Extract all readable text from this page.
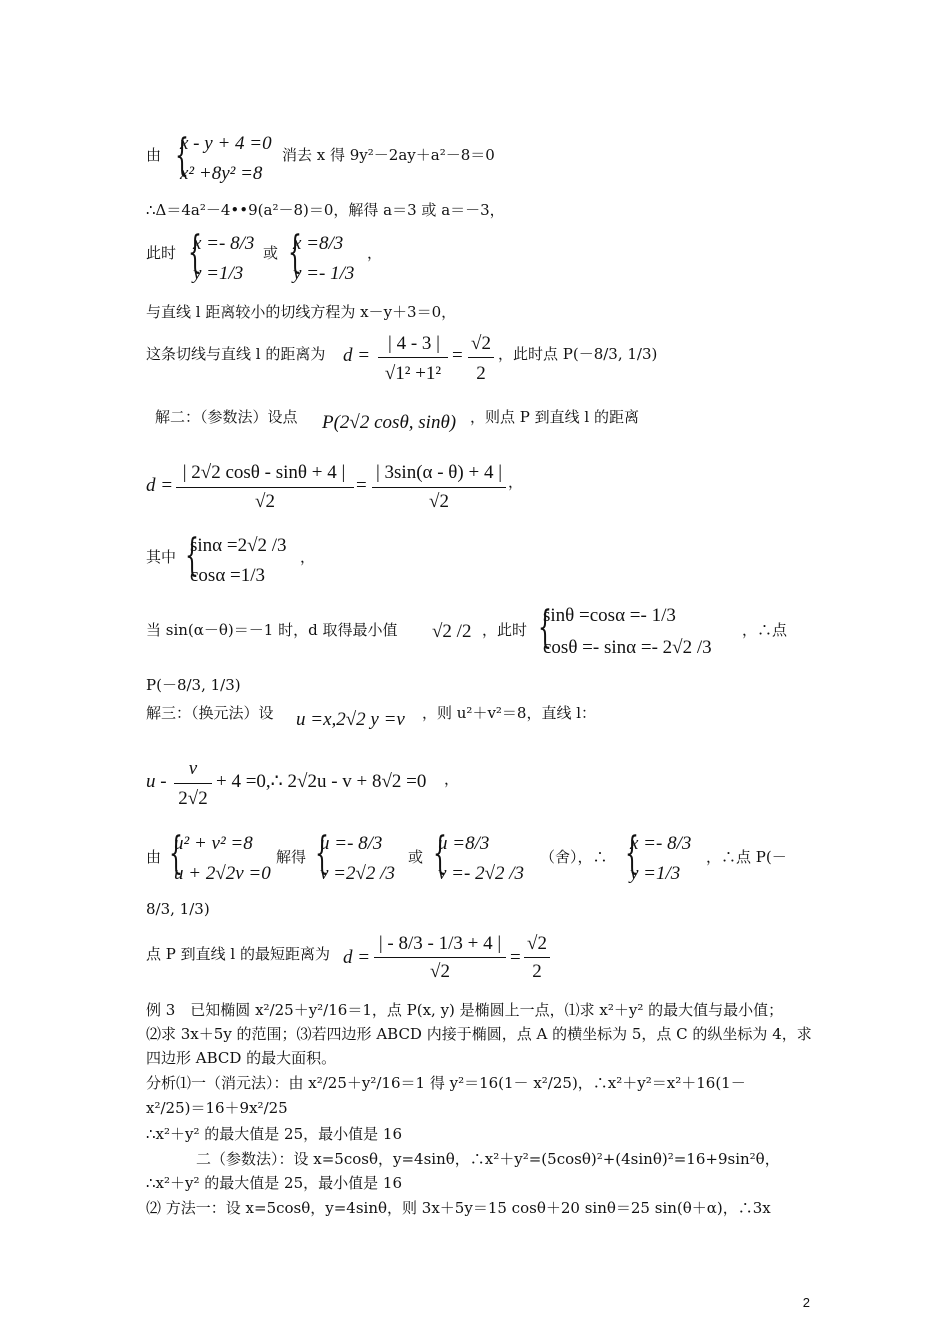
由 {
x - y + 4 =0
x² +8y² =8
消去 x 得 9y²－2ay＋a²－8＝0
∴Δ＝4a²－4••9(a²－8)＝0，解得 a＝3 或 a＝－3，
此时 {
x =- 8/3
y =1/3
或 {
x =8/3
y =- 1/3
，
与直线 l 距离较小的切线方程为 x－y＋3＝0，
这条切线与直线 l 的距离为 d =
| 4 - 3 |
√1² +1²
=
√2
2
，此时点 P(－8/3, 1/3)
解二：（参数法）设点 P(2√2 cosθ, sinθ) ，则点 P 到直线 l 的距离
d =
| 2√2 cosθ - sinθ + 4 |
√2
=
| 3sin(α - θ) + 4 |
√2
，
其中 {
sinα =2√2 /3
cosα =1/3
，
当 sin(α－θ)＝－1 时，d 取得最小值 √2 /2 ，此时 {
sinθ =cosα =- 1/3
cosθ =- sinα =- 2√2 /3
，∴点
P(－8/3, 1/3)
解三：（换元法）设 u =x,2√2 y =v ，则 u²＋v²＝8，直线 l：
u -
v
2√2
+ 4 =0,∴ 2√2u - v + 8√2 =0 ，
由 {
u² + v² =8
u + 2√2v =0
解得 {
u =- 8/3
v =2√2 /3
或 {
u =8/3
v =- 2√2 /3
（舍），∴ {
x =- 8/3
y =1/3
，∴点 P(－
8/3, 1/3)
点 P 到直线 l 的最短距离为 d =
| - 8/3 - 1/3 + 4 |
√2
=
√2
2
例 3　已知椭圆 x²/25＋y²/16＝1，点 P(x, y) 是椭圆上一点，⑴求 x²＋y² 的最大值与最小值；
⑵求 3x＋5y 的范围；⑶若四边形 ABCD 内接于椭圆，点 A 的横坐标为 5，点 C 的纵坐标为 4，求
四边形 ABCD 的最大面积。
分析⑴一（消元法）：由 x²/25＋y²/16＝1 得 y²＝16(1－ x²/25)，∴x²＋y²＝x²＋16(1－
x²/25)＝16＋9x²/25
∴x²＋y² 的最大值是 25，最小值是 16
二（参数法）：设 x=5cosθ，y=4sinθ，∴x²＋y²=(5cosθ)²+(4sinθ)²=16+9sin²θ，
∴x²＋y² 的最大值是 25，最小值是 16
⑵ 方法一：设 x=5cosθ，y=4sinθ，则 3x＋5y＝15 cosθ＋20 sinθ＝25 sin(θ＋α)，∴3x
2
